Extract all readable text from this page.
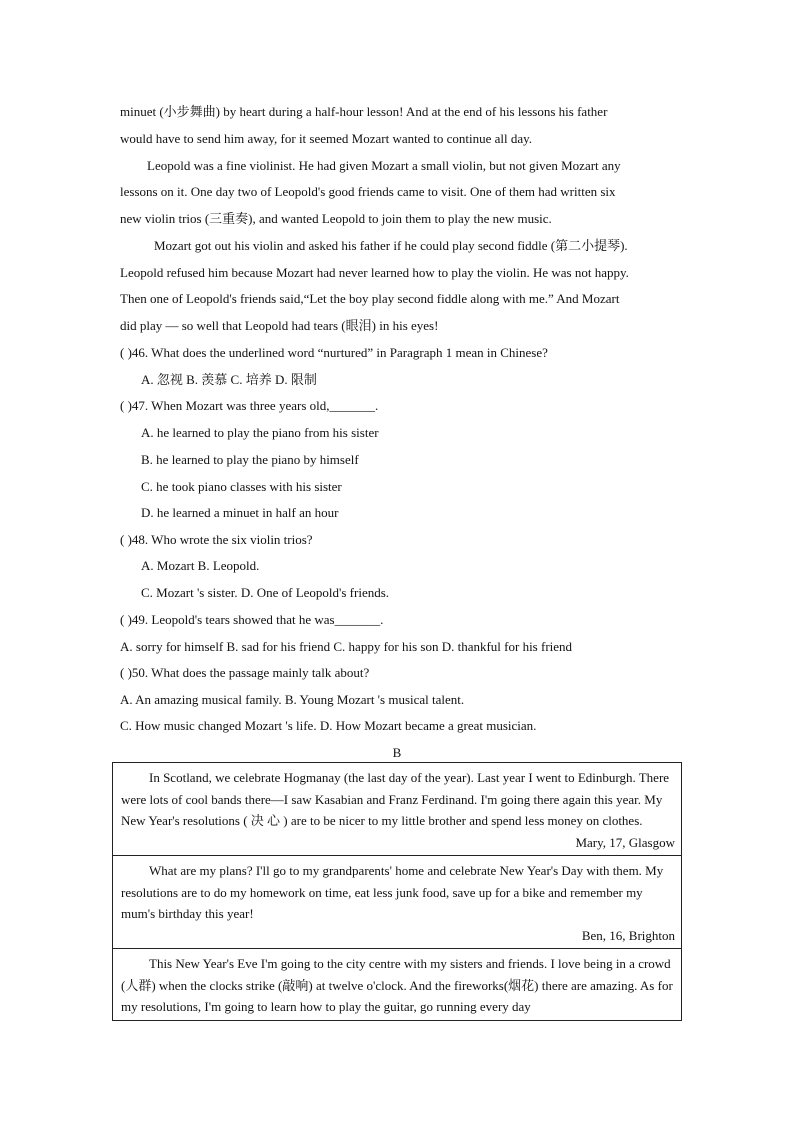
minuet (小步舞曲) by heart during a half-hour lesson! And at the end of his lessons his father
would have to send him away, for it seemed Mozart wanted to continue all day.
Leopold was a fine violinist. He had given Mozart a small violin, but not given Mozart any
lessons on it. One day two of Leopold's good friends came to visit. One of them had written six
new violin trios (三重奏), and wanted Leopold to join them to play the new music.
Mozart got out his violin and asked his father if he could play second fiddle (第二小提琴).
Leopold refused him because Mozart had never learned how to play the violin. He was not happy.
Then one of Leopold's friends said,“Let the boy play second fiddle along with me.” And Mozart
did play — so well that Leopold had tears (眼泪) in his eyes!
( )46. What does the underlined word “nurtured” in Paragraph 1 mean in Chinese?
A. 忽视 B. 羡慕 C. 培养 D. 限制
( )47. When Mozart was three years old,_______.
A. he learned to play the piano from his sister
B. he learned to play the piano by himself
C. he took piano classes with his sister
D. he learned a minuet in half an hour
( )48. Who wrote the six violin trios?
A. Mozart B. Leopold.
C. Mozart 's sister. D. One of Leopold's friends.
( )49. Leopold's tears showed that he was_______.
A. sorry for himself B. sad for his friend C. happy for his son D. thankful for his friend
( )50. What does the passage mainly talk about?
A. An amazing musical family. B. Young Mozart 's musical talent.
C. How music changed Mozart 's life. D. How Mozart became a great musician.
B

In Scotland, we celebrate Hogmanay (the last day of the year). Last year I went to Edinburgh. There were lots of cool bands there—I saw Kasabian and Franz Ferdinand. I'm going there again this year. My New Year's resolutions ( 决 心 ) are to be nicer to my little brother and spend less money on clothes.

Mary, 17, Glasgow

What are my plans? I'll go to my grandparents' home and celebrate New Year's Day with them. My resolutions are to do my homework on time, eat less junk food, save up for a bike and remember my mum's birthday this year!

Ben, 16, Brighton

This New Year's Eve I'm going to the city centre with my sisters and friends. I love being in a crowd (人群) when the clocks strike (敲响) at twelve o'clock. And the fireworks(烟花) there are amazing. As for my resolutions, I'm going to learn how to play the guitar, go running every day
